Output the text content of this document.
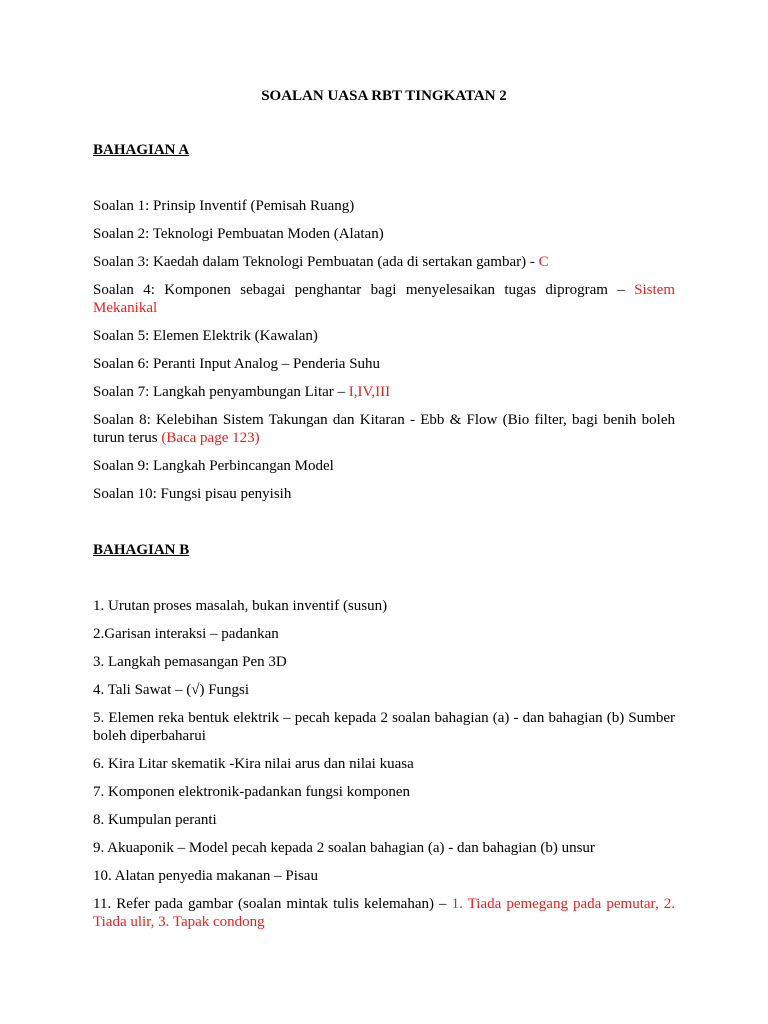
SOALAN UASA RBT TINGKATAN 2

BAHAGIAN A

Soalan 1: Prinsip Inventif (Pemisah Ruang)

Soalan 2: Teknologi Pembuatan Moden (Alatan)

Soalan 3: Kaedah dalam Teknologi Pembuatan (ada di sertakan gambar) - C

Soalan 4: Komponen sebagai penghantar bagi menyelesaikan tugas diprogram – Sistem Mekanikal

Soalan 5: Elemen Elektrik (Kawalan)

Soalan 6: Peranti Input Analog – Penderia Suhu

Soalan 7: Langkah penyambungan Litar – I,IV,III

Soalan 8: Kelebihan Sistem Takungan dan Kitaran - Ebb & Flow (Bio filter, bagi benih boleh turun terus (Baca page 123)

Soalan 9: Langkah Perbincangan Model

Soalan 10: Fungsi pisau penyisih

BAHAGIAN B

1. Urutan proses masalah, bukan inventif (susun)

2.Garisan interaksi – padankan

3. Langkah pemasangan Pen 3D

4. Tali Sawat – (√) Fungsi

5. Elemen reka bentuk elektrik – pecah kepada 2 soalan bahagian (a) - dan bahagian (b) Sumber boleh diperbaharui

6. Kira Litar skematik -Kira nilai arus dan nilai kuasa

7. Komponen elektronik-padankan fungsi komponen

8. Kumpulan peranti

9. Akuaponik – Model pecah kepada 2 soalan bahagian (a) - dan bahagian (b) unsur

10. Alatan penyedia makanan – Pisau

11. Refer pada gambar (soalan mintak tulis kelemahan) – 1. Tiada pemegang pada pemutar, 2. Tiada ulir, 3. Tapak condong
